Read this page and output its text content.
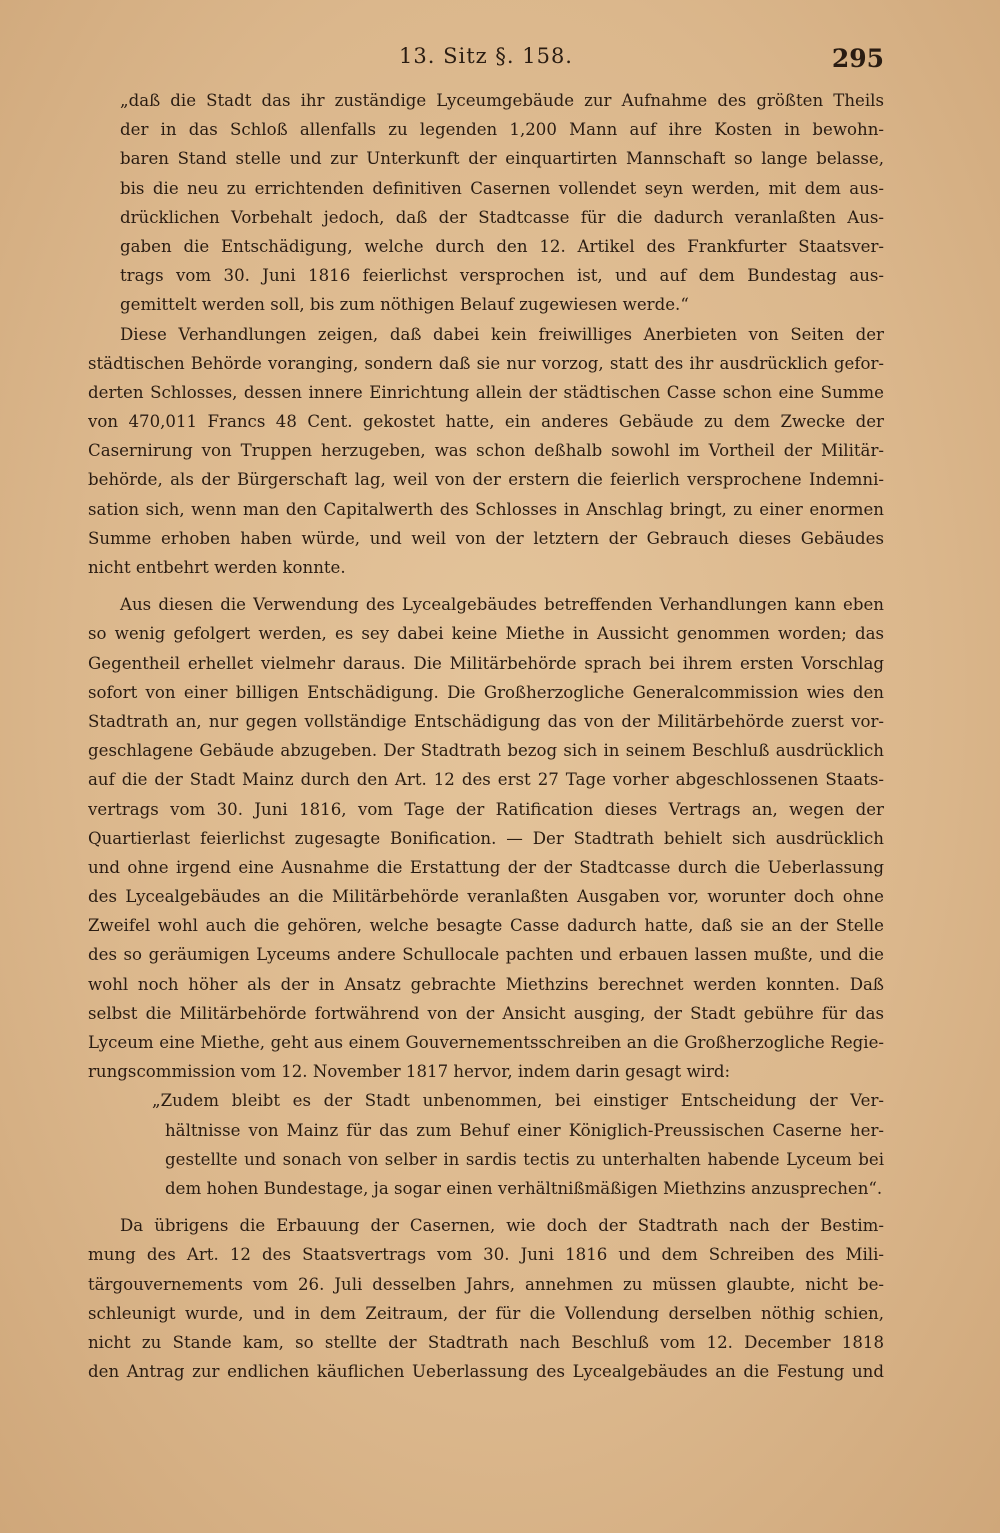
13. Sitz §. 158.	295
„daß die Stadt das ihr zuständige Lyceumgebäude zur Aufnahme des größten Theils
der in das Schloß allenfalls zu legenden 1,200 Mann auf ihre Kosten in bewohn-
baren Stand stelle und zur Unterkunft der einquartirten Mannschaft so lange belasse,
bis die neu zu errichtenden definitiven Casernen vollendet seyn werden, mit dem aus-
drücklichen Vorbehalt jedoch, daß der Stadtcasse für die dadurch veranlaßten Aus-
gaben die Entschädigung, welche durch den 12. Artikel des Frankfurter Staatsver-
trags vom 30. Juni 1816 feierlichst versprochen ist, und auf dem Bundestag aus-
gemittelt werden soll, bis zum nöthigen Belauf zugewiesen werde.“
Diese Verhandlungen zeigen, daß dabei kein freiwilliges Anerbieten von Seiten der
städtischen Behörde voranging, sondern daß sie nur vorzog, statt des ihr ausdrücklich gefor-
derten Schlosses, dessen innere Einrichtung allein der städtischen Casse schon eine Summe
von 470,011 Francs 48 Cent. gekostet hatte, ein anderes Gebäude zu dem Zwecke der
Casernirung von Truppen herzugeben, was schon deßhalb sowohl im Vortheil der Militär-
behörde, als der Bürgerschaft lag, weil von der erstern die feierlich versprochene Indemni-
sation sich, wenn man den Capitalwerth des Schlosses in Anschlag bringt, zu einer enormen
Summe erhoben haben würde, und weil von der letztern der Gebrauch dieses Gebäudes
nicht entbehrt werden konnte.
Aus diesen die Verwendung des Lycealgebäudes betreffenden Verhandlungen kann eben
so wenig gefolgert werden, es sey dabei keine Miethe in Aussicht genommen worden; das
Gegentheil erhellet vielmehr daraus. Die Militärbehörde sprach bei ihrem ersten Vorschlag
sofort von einer billigen Entschädigung. Die Großherzogliche Generalcommission wies den
Stadtrath an, nur gegen vollständige Entschädigung das von der Militärbehörde zuerst vor-
geschlagene Gebäude abzugeben. Der Stadtrath bezog sich in seinem Beschluß ausdrücklich
auf die der Stadt Mainz durch den Art. 12 des erst 27 Tage vorher abgeschlossenen Staats-
vertrags vom 30. Juni 1816, vom Tage der Ratification dieses Vertrags an, wegen der
Quartierlast feierlichst zugesagte Bonification. — Der Stadtrath behielt sich ausdrücklich
und ohne irgend eine Ausnahme die Erstattung der der Stadtcasse durch die Ueberlassung
des Lycealgebäudes an die Militärbehörde veranlaßten Ausgaben vor, worunter doch ohne
Zweifel wohl auch die gehören, welche besagte Casse dadurch hatte, daß sie an der Stelle
des so geräumigen Lyceums andere Schullocale pachten und erbauen lassen mußte, und die
wohl noch höher als der in Ansatz gebrachte Miethzins berechnet werden konnten. Daß
selbst die Militärbehörde fortwährend von der Ansicht ausging, der Stadt gebühre für das
Lyceum eine Miethe, geht aus einem Gouvernementsschreiben an die Großherzogliche Regie-
rungscommission vom 12. November 1817 hervor, indem darin gesagt wird:
„Zudem bleibt es der Stadt unbenommen, bei einstiger Entscheidung der Ver-
hältnisse von Mainz für das zum Behuf einer Königlich-Preussischen Caserne her-
gestellte und sonach von selber in sardis tectis zu unterhalten habende Lyceum bei
dem hohen Bundestage, ja sogar einen verhältnißmäßigen Miethzins anzusprechen“.
Da übrigens die Erbauung der Casernen, wie doch der Stadtrath nach der Bestim-
mung des Art. 12 des Staatsvertrags vom 30. Juni 1816 und dem Schreiben des Mili-
tärgouvernements vom 26. Juli desselben Jahrs, annehmen zu müssen glaubte, nicht be-
schleunigt wurde, und in dem Zeitraum, der für die Vollendung derselben nöthig schien,
nicht zu Stande kam, so stellte der Stadtrath nach Beschluß vom 12. December 1818
den Antrag zur endlichen käuflichen Ueberlassung des Lycealgebäudes an die Festung und
